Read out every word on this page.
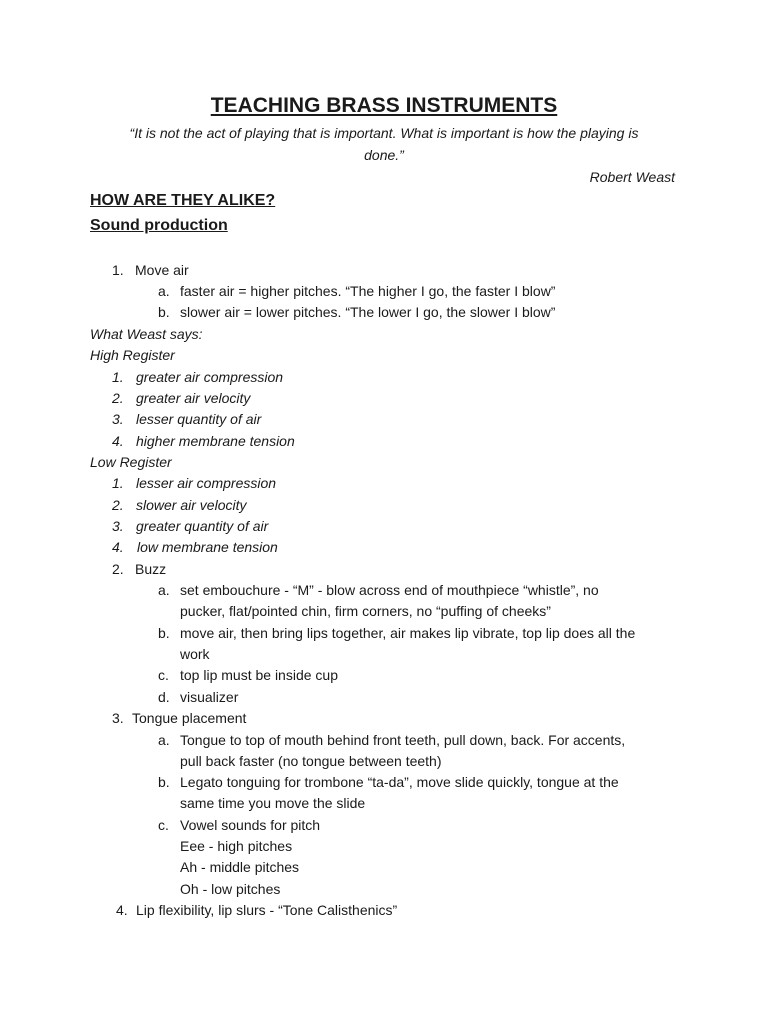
TEACHING BRASS INSTRUMENTS
“It is not the act of playing that is important. What is important is how the playing is
done.”
Robert Weast
HOW ARE THEY ALIKE?
Sound production
1. Move air
a. faster air = higher pitches. “The higher I go, the faster I blow”
b. slower air = lower pitches. “The lower I go, the slower I blow”
What Weast says:
High Register
1. greater air compression
2. greater air velocity
3. lesser quantity of air
4. higher membrane tension
Low Register
1. lesser air compression
2. slower air velocity
3. greater quantity of air
4. low membrane tension
2. Buzz
a. set embouchure - “M” - blow across end of mouthpiece “whistle”, no
pucker, flat/pointed chin, firm corners, no “puffing of cheeks”
b. move air, then bring lips together, air makes lip vibrate, top lip does all the
work
c. top lip must be inside cup
d. visualizer
3. Tongue placement
a. Tongue to top of mouth behind front teeth, pull down, back. For accents,
pull back faster (no tongue between teeth)
b. Legato tonguing for trombone “ta-da”, move slide quickly, tongue at the
same time you move the slide
c. Vowel sounds for pitch
Eee - high pitches
Ah - middle pitches
Oh - low pitches
4. Lip flexibility, lip slurs - “Tone Calisthenics”
